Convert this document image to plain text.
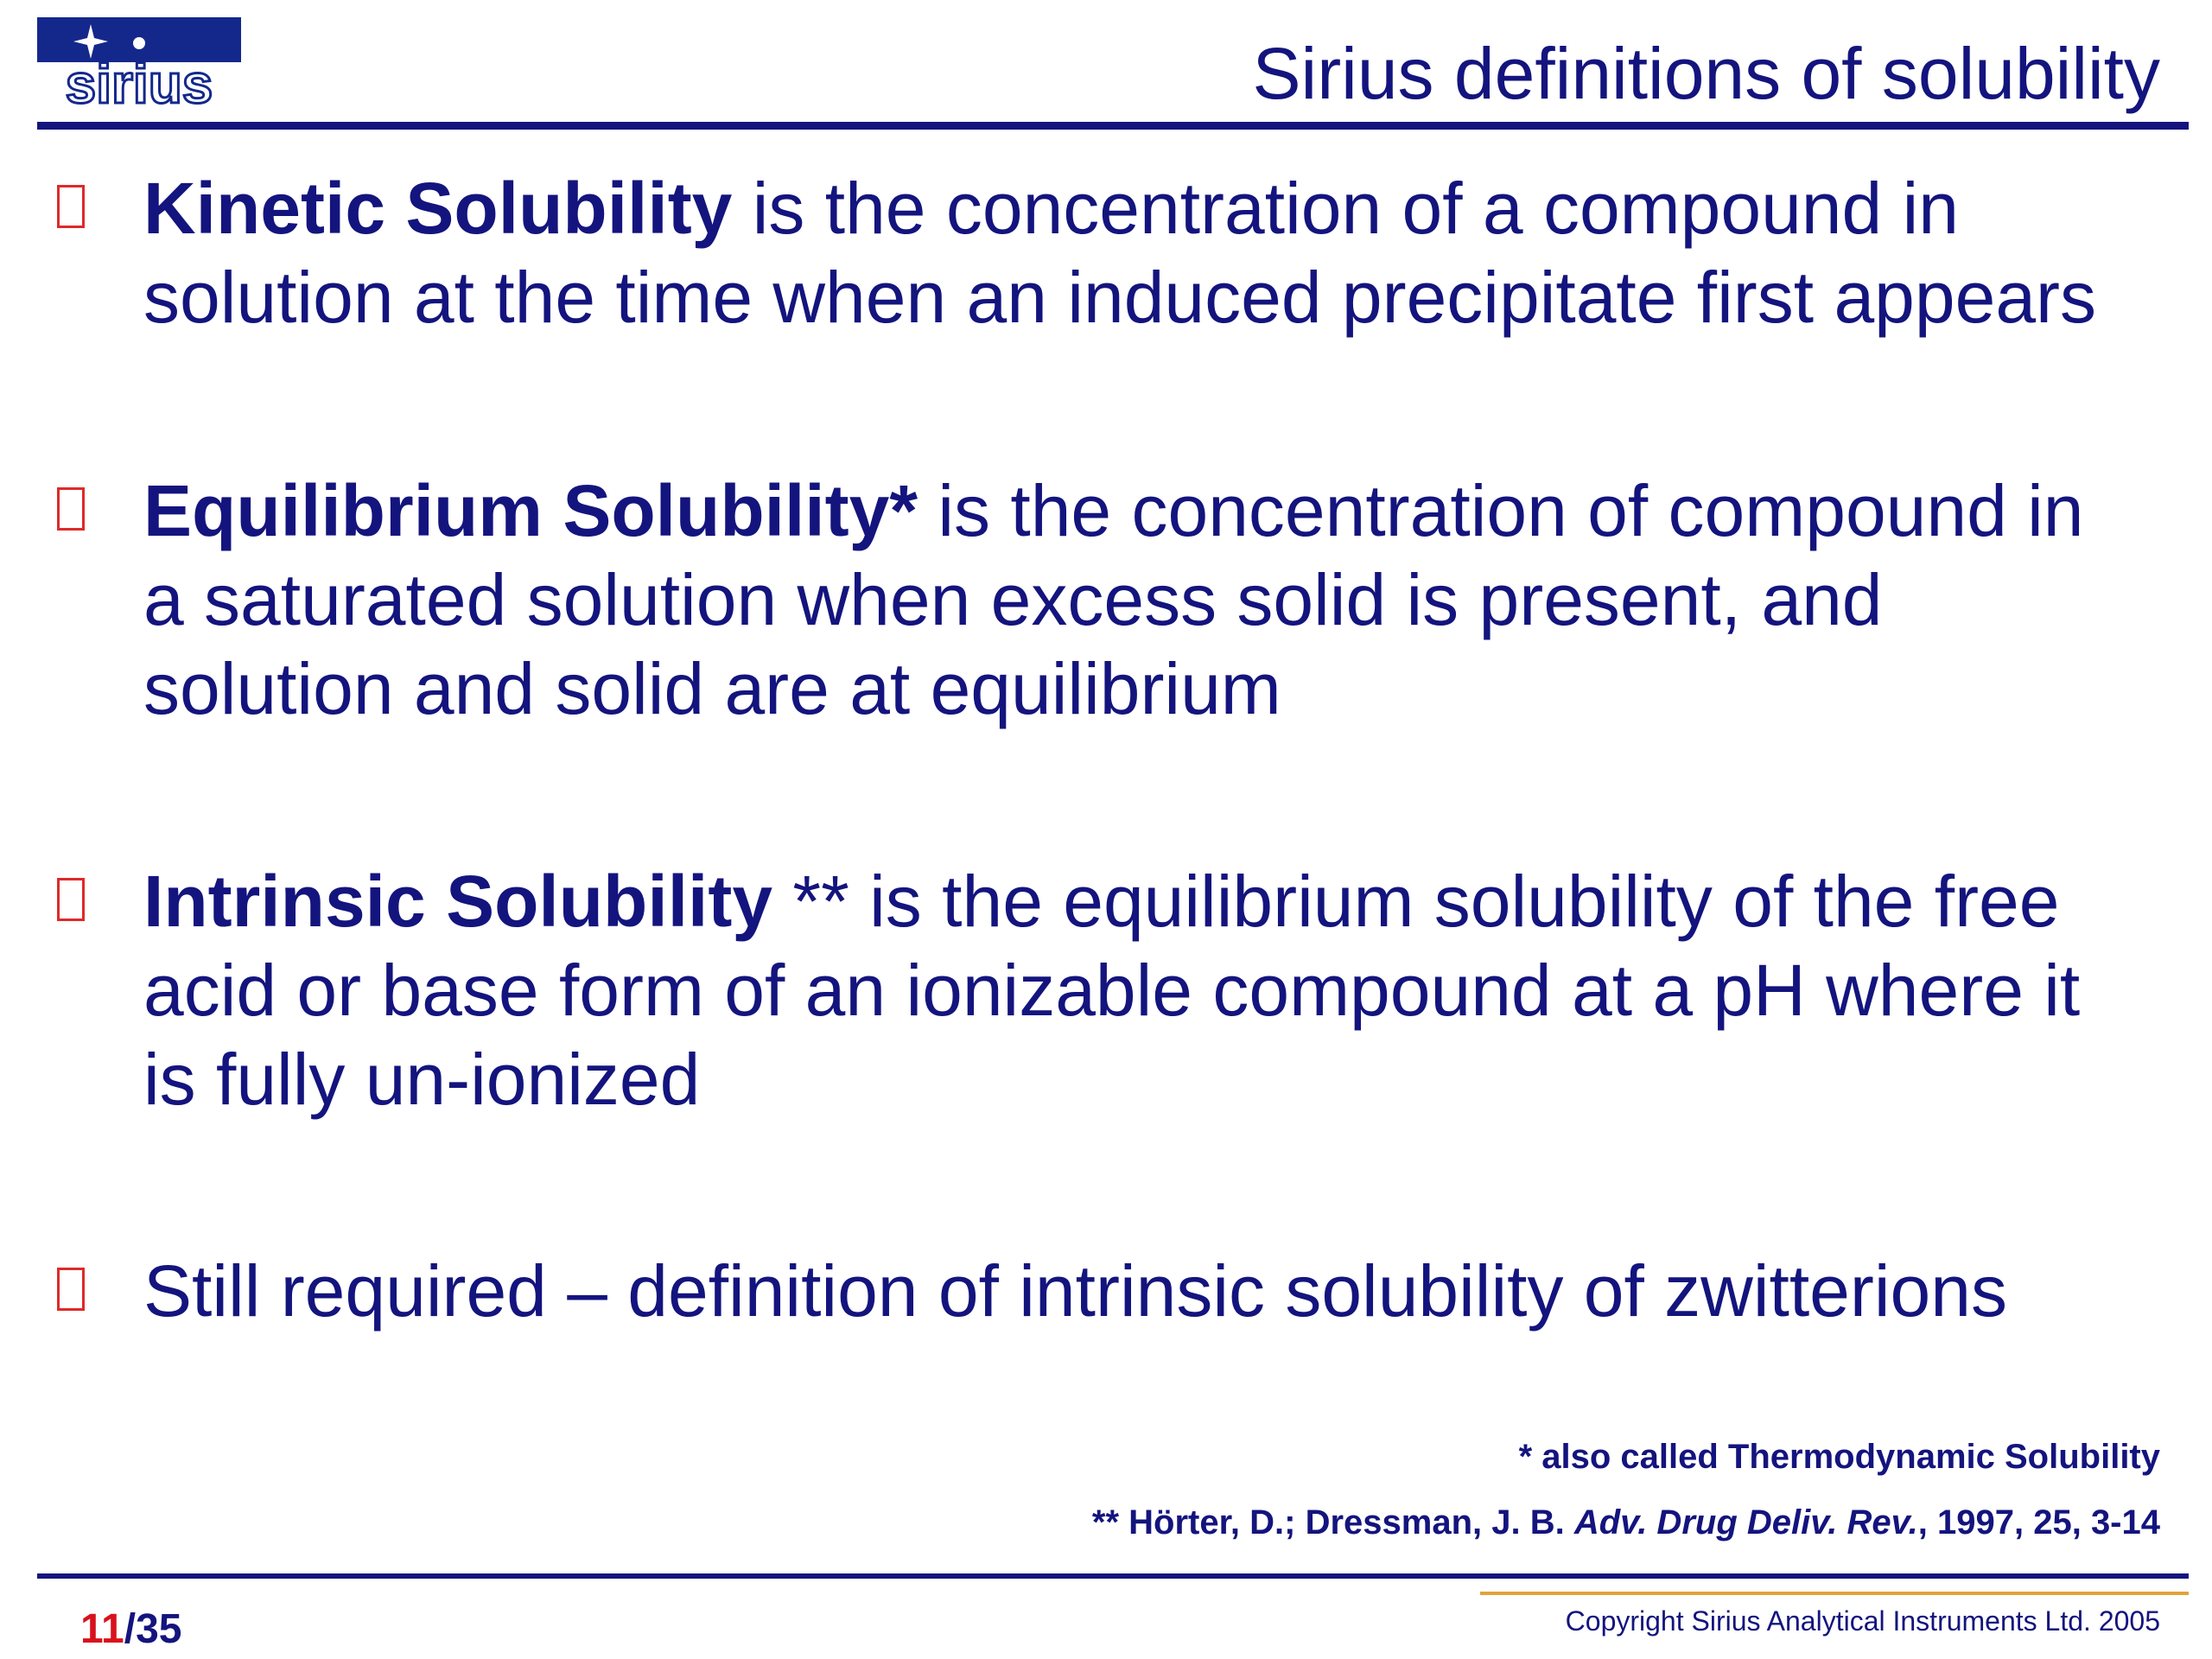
sirius	Sirius definitions of solubility
Kinetic Solubility is the concentration of a compound in
solution at the time when an induced precipitate first appears
Equilibrium Solubility* is the concentration of compound in
a saturated solution when excess solid is present, and
solution and solid are at equilibrium
Intrinsic Solubility ** is the equilibrium solubility of the free
acid or base form of an ionizable compound at a pH where it
is fully un-ionized
Still required – definition of intrinsic solubility of zwitterions
* also called Thermodynamic Solubility
** Hörter, D.; Dressman, J. B. Adv. Drug Deliv. Rev., 1997, 25, 3-14
11/35	Copyright Sirius Analytical Instruments Ltd. 2005
